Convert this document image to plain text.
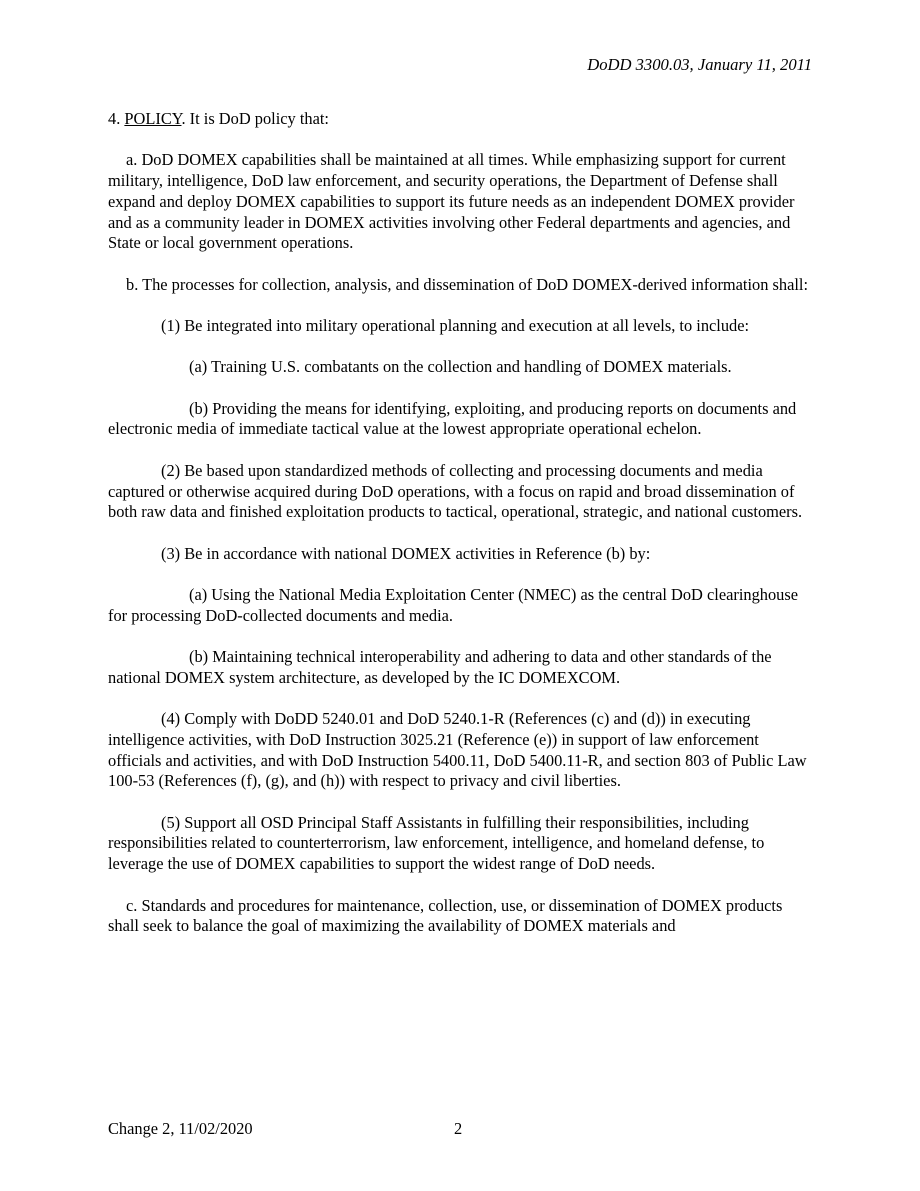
DoDD 3300.03, January 11, 2011

4. POLICY. It is DoD policy that:

a. DoD DOMEX capabilities shall be maintained at all times. While emphasizing support for current military, intelligence, DoD law enforcement, and security operations, the Department of Defense shall expand and deploy DOMEX capabilities to support its future needs as an independent DOMEX provider and as a community leader in DOMEX activities involving other Federal departments and agencies, and State or local government operations.

b. The processes for collection, analysis, and dissemination of DoD DOMEX-derived information shall:

(1) Be integrated into military operational planning and execution at all levels, to include:

(a) Training U.S. combatants on the collection and handling of DOMEX materials.

(b) Providing the means for identifying, exploiting, and producing reports on documents and electronic media of immediate tactical value at the lowest appropriate operational echelon.

(2) Be based upon standardized methods of collecting and processing documents and media captured or otherwise acquired during DoD operations, with a focus on rapid and broad dissemination of both raw data and finished exploitation products to tactical, operational, strategic, and national customers.

(3) Be in accordance with national DOMEX activities in Reference (b) by:

(a) Using the National Media Exploitation Center (NMEC) as the central DoD clearinghouse for processing DoD-collected documents and media.

(b) Maintaining technical interoperability and adhering to data and other standards of the national DOMEX system architecture, as developed by the IC DOMEXCOM.

(4) Comply with DoDD 5240.01 and DoD 5240.1-R (References (c) and (d)) in executing intelligence activities, with DoD Instruction 3025.21 (Reference (e)) in support of law enforcement officials and activities, and with DoD Instruction 5400.11, DoD 5400.11-R, and section 803 of Public Law 100-53 (References (f), (g), and (h)) with respect to privacy and civil liberties.

(5) Support all OSD Principal Staff Assistants in fulfilling their responsibilities, including responsibilities related to counterterrorism, law enforcement, intelligence, and homeland defense, to leverage the use of DOMEX capabilities to support the widest range of DoD needs.

c. Standards and procedures for maintenance, collection, use, or dissemination of DOMEX products shall seek to balance the goal of maximizing the availability of DOMEX materials and

Change 2, 11/02/2020	2
